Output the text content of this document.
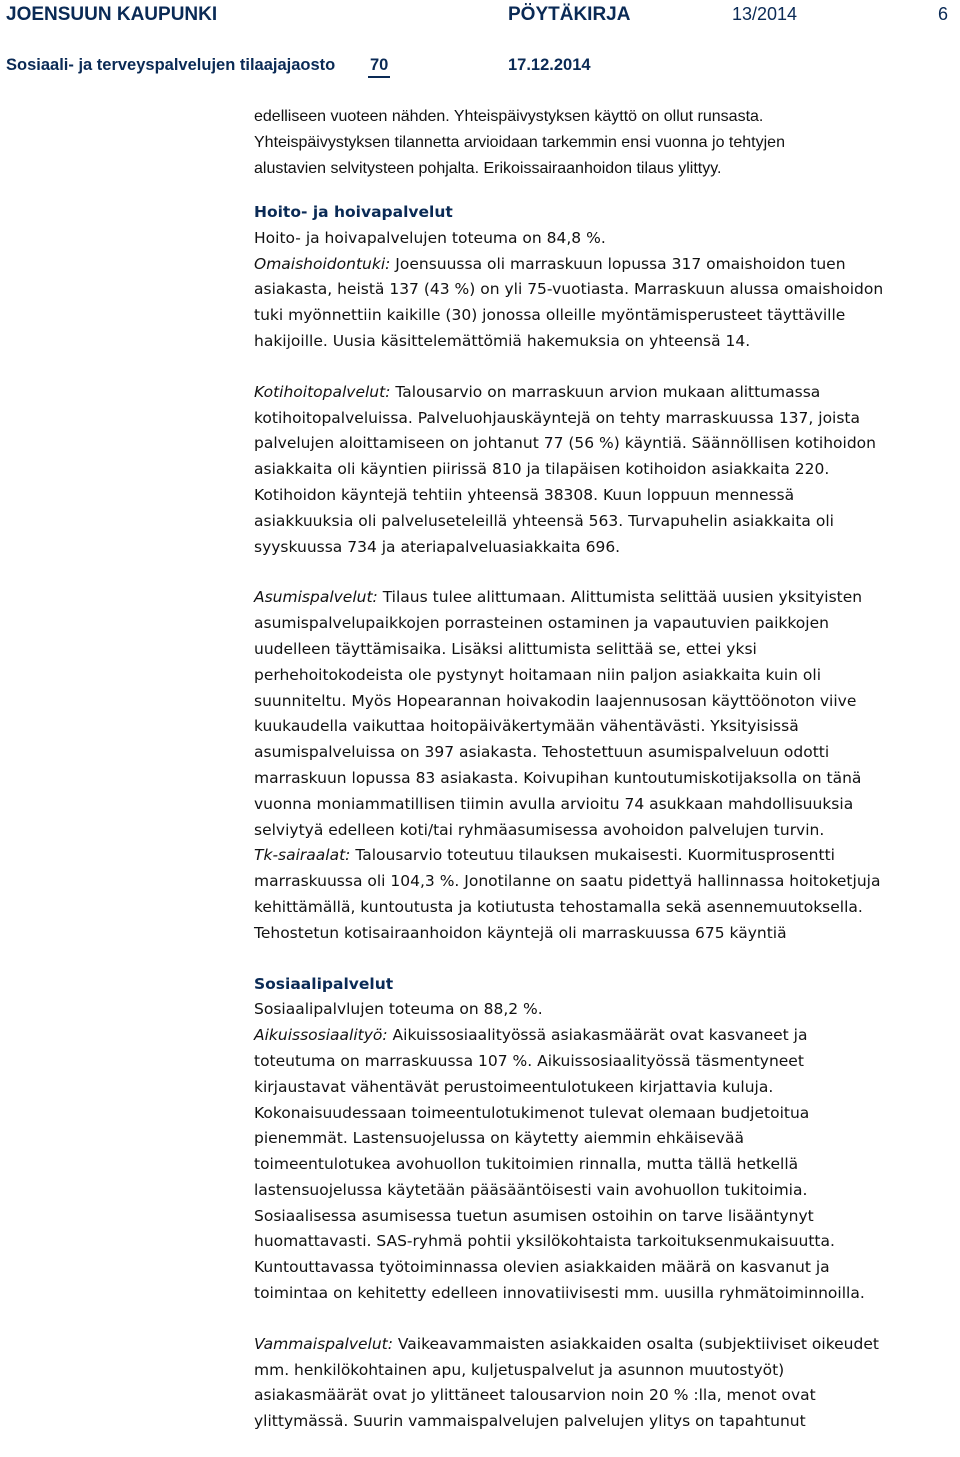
JOENSUUN KAUPUNKI	PÖYTÄKIRJA	13/2014	6
Sosiaali- ja terveyspalvelujen tilaajajaosto 70	17.12.2014
edelliseen vuoteen nähden. Yhteispäivystyksen käyttö on ollut runsasta.
Yhteispäivystyksen tilannetta arvioidaan tarkemmin ensi vuonna jo tehtyjen
alustavien selvitysteen pohjalta. Erikoissairaanhoidon tilaus ylittyy.
Hoito- ja hoivapalvelut
Hoito- ja hoivapalvelujen toteuma on 84,8 %.
Omaishoidontuki: Joensuussa oli marraskuun lopussa 317 omaishoidon tuen
asiakasta, heistä 137 (43 %) on yli 75-vuotiasta. Marraskuun alussa omaishoidon
tuki myönnettiin kaikille (30) jonossa olleille myöntämisperusteet täyttäville
hakijoille. Uusia käsittelemättömiä hakemuksia on yhteensä 14.
Kotihoitopalvelut: Talousarvio on marraskuun arvion mukaan alittumassa
kotihoitopalveluissa. Palveluohjauskäyntejä on tehty marraskuussa 137, joista
palvelujen aloittamiseen on johtanut 77 (56 %) käyntiä. Säännöllisen kotihoidon
asiakkaita oli käyntien piirissä 810 ja tilapäisen kotihoidon asiakkaita 220.
Kotihoidon käyntejä tehtiin yhteensä 38308. Kuun loppuun mennessä
asiakkuuksia oli palveluseteleillä yhteensä 563. Turvapuhelin asiakkaita oli
syyskuussa 734 ja ateriapalveluasiakkaita 696.
Asumispalvelut: Tilaus tulee alittumaan. Alittumista selittää uusien yksityisten
asumispalvelupaikkojen porrasteinen ostaminen ja vapautuvien paikkojen
uudelleen täyttämisaika. Lisäksi alittumista selittää se, ettei yksi
perhehoitokodeista ole pystynyt hoitamaan niin paljon asiakkaita kuin oli
suunniteltu. Myös Hopearannan hoivakodin laajennusosan käyttöönoton viive
kuukaudella vaikuttaa hoitopäiväkertymään vähentävästi. Yksityisissä
asumispalveluissa on 397 asiakasta. Tehostettuun asumispalveluun odotti
marraskuun lopussa 83 asiakasta. Koivupihan kuntoutumiskotijaksolla on tänä
vuonna moniammatillisen tiimin avulla arvioitu 74 asukkaan mahdollisuuksia
selviytyä edelleen koti/tai ryhmäasumisessa avohoidon palvelujen turvin.
Tk-sairaalat: Talousarvio toteutuu tilauksen mukaisesti. Kuormitusprosentti
marraskuussa oli 104,3 %. Jonotilanne on saatu pidettyä hallinnassa hoitoketjuja
kehittämällä, kuntoutusta ja kotiutusta tehostamalla sekä asennemuutoksella.
Tehostetun kotisairaanhoidon käyntejä oli marraskuussa 675 käyntiä
Sosiaalipalvelut
Sosiaalipalvlujen toteuma on 88,2 %.
Aikuissosiaalityö: Aikuissosiaalityössä asiakasmäärät ovat kasvaneet ja
toteutuma on marraskuussa 107 %. Aikuissosiaalityössä täsmentyneet
kirjaustavat vähentävät perustoimeentulotukeen kirjattavia kuluja.
Kokonaisuudessaan toimeentulotukimenot tulevat olemaan budjetoitua
pienemmät. Lastensuojelussa on käytetty aiemmin ehkäisevää
toimeentulotukea avohuollon tukitoimien rinnalla, mutta tällä hetkellä
lastensuojelussa käytetään pääsääntöisesti vain avohuollon tukitoimia.
Sosiaalisessa asumisessa tuetun asumisen ostoihin on tarve lisääntynyt
huomattavasti. SAS-ryhmä pohtii yksilökohtaista tarkoituksenmukaisuutta.
Kuntouttavassa työtoiminnassa olevien asiakkaiden määrä on kasvanut ja
toimintaa on kehitetty edelleen innovatiivisesti mm. uusilla ryhmätoiminnoilla.
Vammaispalvelut: Vaikeavammaisten asiakkaiden osalta (subjektiiviset oikeudet
mm. henkilökohtainen apu, kuljetuspalvelut ja asunnon muutostyöt)
asiakasmäärät ovat jo ylittäneet talousarvion noin 20 % :lla, menot ovat
ylittymässä. Suurin vammaispalvelujen palvelujen ylitys on tapahtunut
